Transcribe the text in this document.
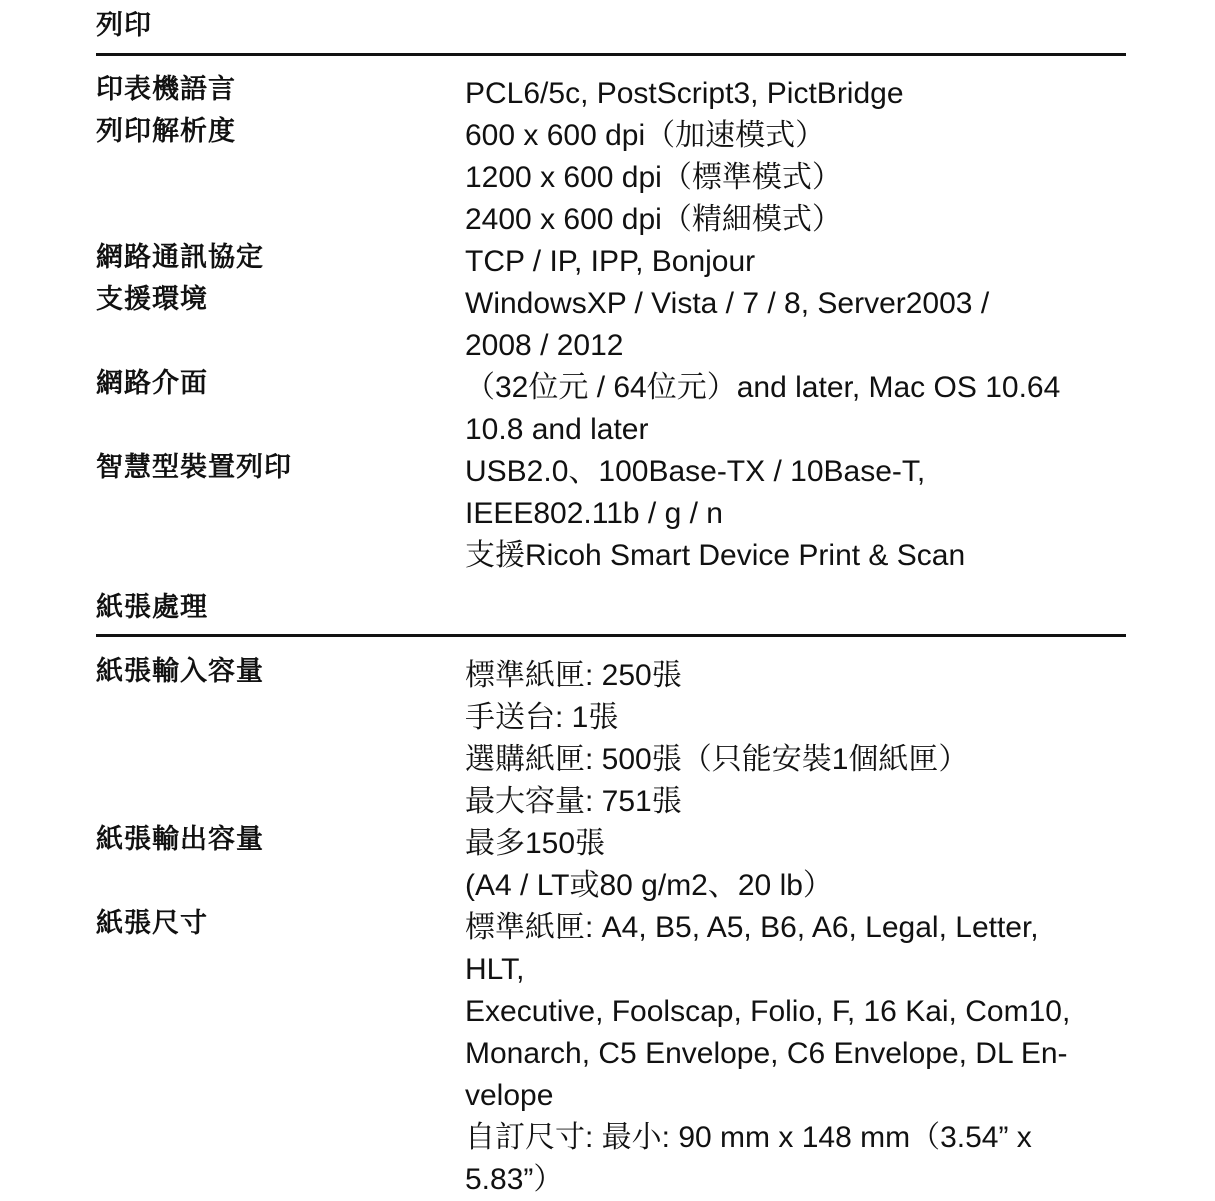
列印
印表機語言	PCL6/5c, PostScript3, PictBridge
列印解析度	600 x 600 dpi（加速模式）
1200 x 600 dpi（標準模式）
2400 x 600 dpi（精細模式）
網路通訊協定	TCP / IP, IPP, Bonjour
支援環境	WindowsXP / Vista / 7 / 8, Server2003 /
2008 / 2012
網路介面	（32位元 / 64位元）and later, Mac OS 10.64
10.8 and later
智慧型裝置列印	USB2.0、100Base-TX / 10Base-T,
IEEE802.11b / g / n
支援Ricoh Smart Device Print & Scan
紙張處理
紙張輸入容量	標準紙匣: 250張
手送台: 1張
選購紙匣: 500張（只能安裝1個紙匣）
最大容量: 751張
紙張輸出容量	最多150張
(A4 / LT或80 g/m2、20 lb）
紙張尺寸	標準紙匣: A4, B5, A5, B6, A6, Legal, Letter,
HLT,
Executive, Foolscap, Folio, F, 16 Kai, Com10,
Monarch, C5 Envelope, C6 Envelope, DL En-
velope
自訂尺寸: 最小: 90 mm x 148 mm（3.54” x
5.83”）
